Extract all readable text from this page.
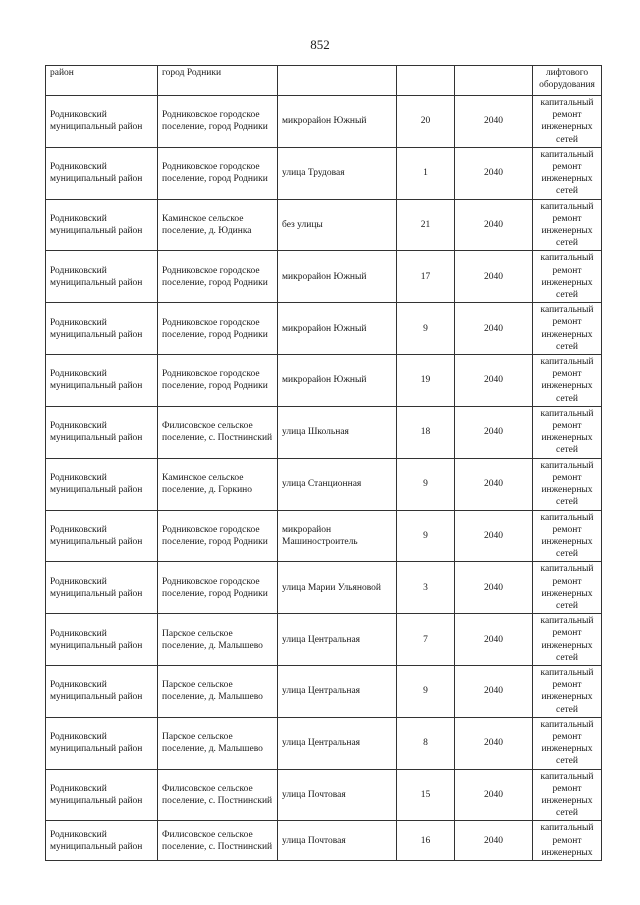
852
район	город Родники				лифтового оборудования
Родниковский муниципальный район	Родниковское городское поселение, город Родники	микрорайон Южный	20	2040	капитальный ремонт инженерных сетей
Родниковский муниципальный район	Родниковское городское поселение, город Родники	улица Трудовая	1	2040	капитальный ремонт инженерных сетей
Родниковский муниципальный район	Каминское сельское поселение, д. Юдинка	без улицы	21	2040	капитальный ремонт инженерных сетей
Родниковский муниципальный район	Родниковское городское поселение, город Родники	микрорайон Южный	17	2040	капитальный ремонт инженерных сетей
Родниковский муниципальный район	Родниковское городское поселение, город Родники	микрорайон Южный	9	2040	капитальный ремонт инженерных сетей
Родниковский муниципальный район	Родниковское городское поселение, город Родники	микрорайон Южный	19	2040	капитальный ремонт инженерных сетей
Родниковский муниципальный район	Филисовское сельское поселение, с. Постнинский	улица Школьная	18	2040	капитальный ремонт инженерных сетей
Родниковский муниципальный район	Каминское сельское поселение, д. Горкино	улица Станционная	9	2040	капитальный ремонт инженерных сетей
Родниковский муниципальный район	Родниковское городское поселение, город Родники	микрорайон Машиностроитель	9	2040	капитальный ремонт инженерных сетей
Родниковский муниципальный район	Родниковское городское поселение, город Родники	улица Марии Ульяновой	3	2040	капитальный ремонт инженерных сетей
Родниковский муниципальный район	Парское сельское поселение, д. Малышево	улица Центральная	7	2040	капитальный ремонт инженерных сетей
Родниковский муниципальный район	Парское сельское поселение, д. Малышево	улица Центральная	9	2040	капитальный ремонт инженерных сетей
Родниковский муниципальный район	Парское сельское поселение, д. Малышево	улица Центральная	8	2040	капитальный ремонт инженерных сетей
Родниковский муниципальный район	Филисовское сельское поселение, с. Постнинский	улица Почтовая	15	2040	капитальный ремонт инженерных сетей
Родниковский муниципальный район	Филисовское сельское поселение, с. Постнинский	улица Почтовая	16	2040	капитальный ремонт инженерных
